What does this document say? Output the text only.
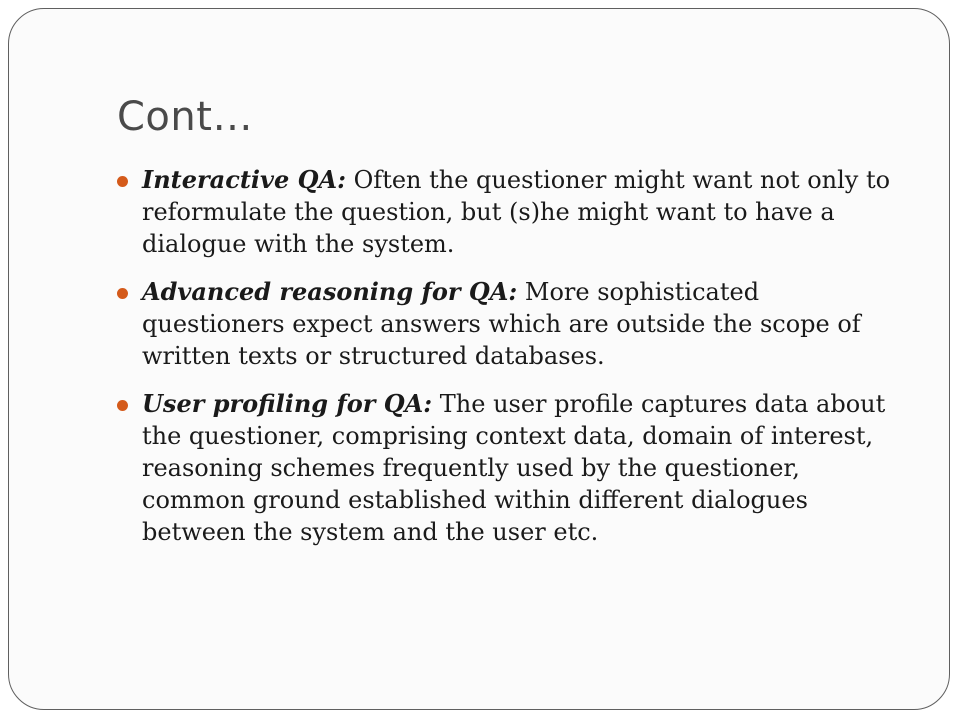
Cont…
Interactive QA: Often the questioner might want not only to reformulate the question, but (s)he might want to have a dialogue with the system.
Advanced reasoning for QA: More sophisticated questioners expect answers which are outside the scope of written texts or structured databases.
User profiling for QA: The user profile captures data about the questioner, comprising context data, domain of interest, reasoning schemes frequently used by the questioner, common ground established within different dialogues between the system and the user etc.
